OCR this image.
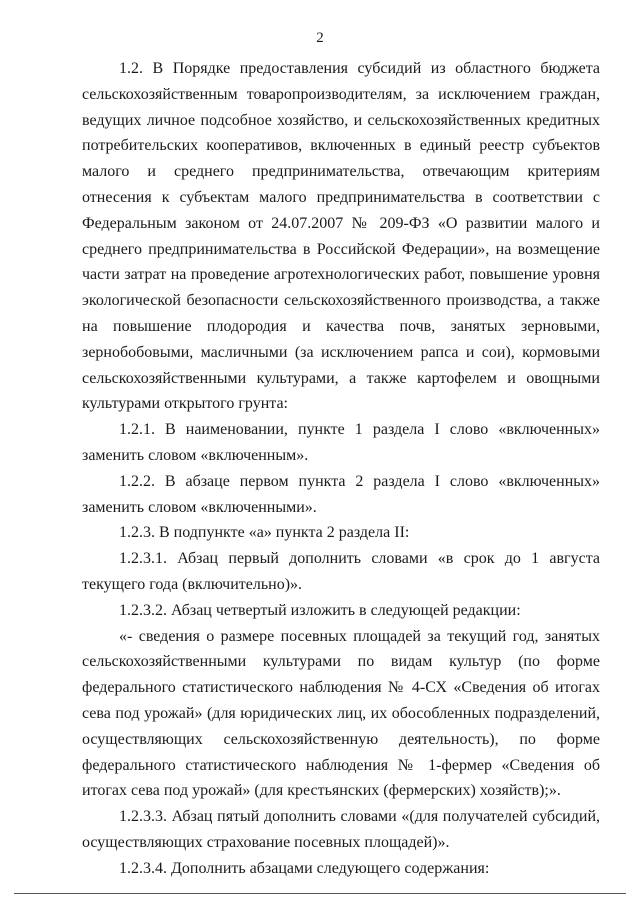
2

1.2. В Порядке предоставления субсидий из областного бюджета сельскохозяйственным товаропроизводителям, за исключением граждан, ведущих личное подсобное хозяйство, и сельскохозяйственных кредитных потребительских кооперативов, включенных в единый реестр субъектов малого и среднего предпринимательства, отвечающим критериям отнесения к субъектам малого предпринимательства в соответствии с Федеральным законом от 24.07.2007 № 209-ФЗ «О развитии малого и среднего предпринимательства в Российской Федерации», на возмещение части затрат на проведение агротехнологических работ, повышение уровня экологической безопасности сельскохозяйственного производства, а также на повышение плодородия и качества почв, занятых зерновыми, зернобобовыми, масличными (за исключением рапса и сои), кормовыми сельскохозяйственными культурами, а также картофелем и овощными культурами открытого грунта:

1.2.1. В наименовании, пункте 1 раздела I слово «включенных» заменить словом «включенным».

1.2.2. В абзаце первом пункта 2 раздела I слово «включенных» заменить словом «включенными».

1.2.3. В подпункте «а» пункта 2 раздела II:

1.2.3.1. Абзац первый дополнить словами «в срок до 1 августа текущего года (включительно)».

1.2.3.2. Абзац четвертый изложить в следующей редакции:

«- сведения о размере посевных площадей за текущий год, занятых сельскохозяйственными культурами по видам культур (по форме федерального статистического наблюдения № 4-СХ «Сведения об итогах сева под урожай» (для юридических лиц, их обособленных подразделений, осуществляющих сельскохозяйственную деятельность), по форме федерального статистического наблюдения № 1-фермер «Сведения об итогах сева под урожай» (для крестьянских (фермерских) хозяйств);».

1.2.3.3. Абзац пятый дополнить словами «(для получателей субсидий, осуществляющих страхование посевных площадей)».

1.2.3.4. Дополнить абзацами следующего содержания:
